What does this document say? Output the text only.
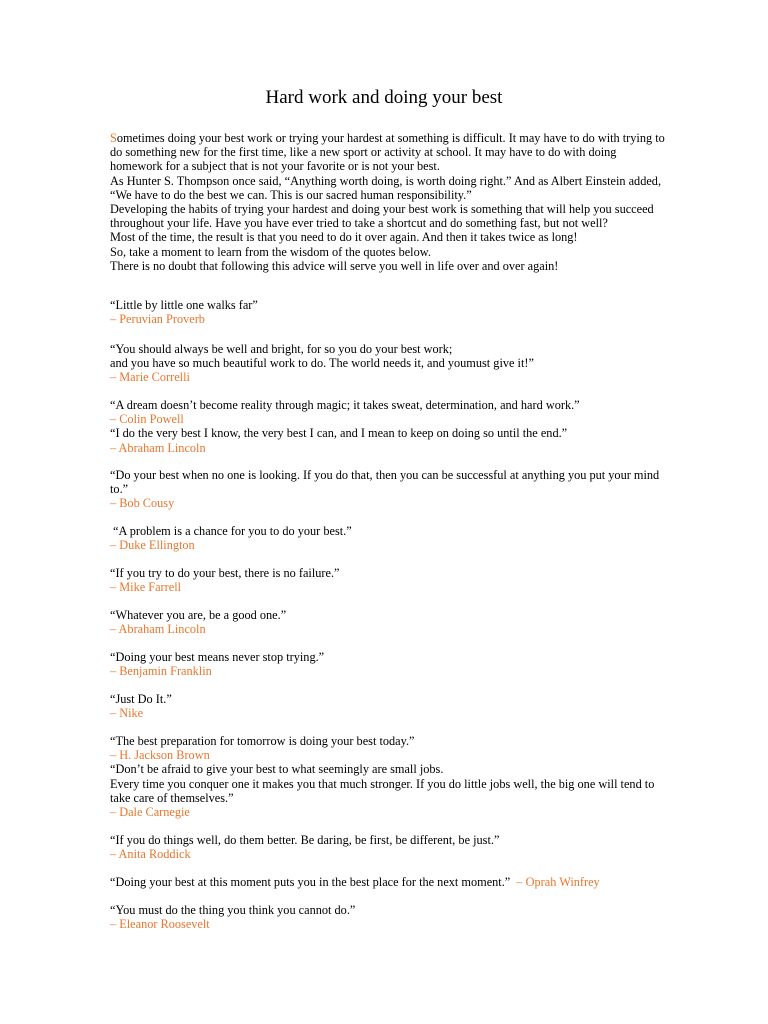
Hard work and doing your best

Sometimes doing your best work or trying your hardest at something is difficult. It may have to do with trying to do something new for the first time, like a new sport or activity at school. It may have to do with doing homework for a subject that is not your favorite or is not your best.

As Hunter S. Thompson once said, “Anything worth doing, is worth doing right.” And as Albert Einstein added, “We have to do the best we can. This is our sacred human responsibility.”

Developing the habits of trying your hardest and doing your best work is something that will help you succeed throughout your life. Have you have ever tried to take a shortcut and do something fast, but not well?

Most of the time, the result is that you need to do it over again. And then it takes twice as long!

So, take a moment to learn from the wisdom of the quotes below.

There is no doubt that following this advice will serve you well in life over and over again!

“Little by little one walks far”

– Peruvian Proverb

“You should always be well and bright, for so you do your best work;

and you have so much beautiful work to do. The world needs it, and youmust give it!”

– Marie Correlli

“A dream doesn’t become reality through magic; it takes sweat, determination, and hard work.”

– Colin Powell

“I do the very best I know, the very best I can, and I mean to keep on doing so until the end.”

– Abraham Lincoln

“Do your best when no one is looking. If you do that, then you can be successful at anything you put your mind to.”

– Bob Cousy

“A problem is a chance for you to do your best.”

– Duke Ellington

“If you try to do your best, there is no failure.”

– Mike Farrell

“Whatever you are, be a good one.”

– Abraham Lincoln

“Doing your best means never stop trying.”

– Benjamin Franklin

“Just Do It.”

– Nike

“The best preparation for tomorrow is doing your best today.”

– H. Jackson Brown

“Don’t be afraid to give your best to what seemingly are small jobs.

Every time you conquer one it makes you that much stronger. If you do little jobs well, the big one will tend to take care of themselves.”

– Dale Carnegie

“If you do things well, do them better. Be daring, be first, be different, be just.”

– Anita Roddick

“Doing your best at this moment puts you in the best place for the next moment.” – Oprah Winfrey

“You must do the thing you think you cannot do.”

– Eleanor Roosevelt
